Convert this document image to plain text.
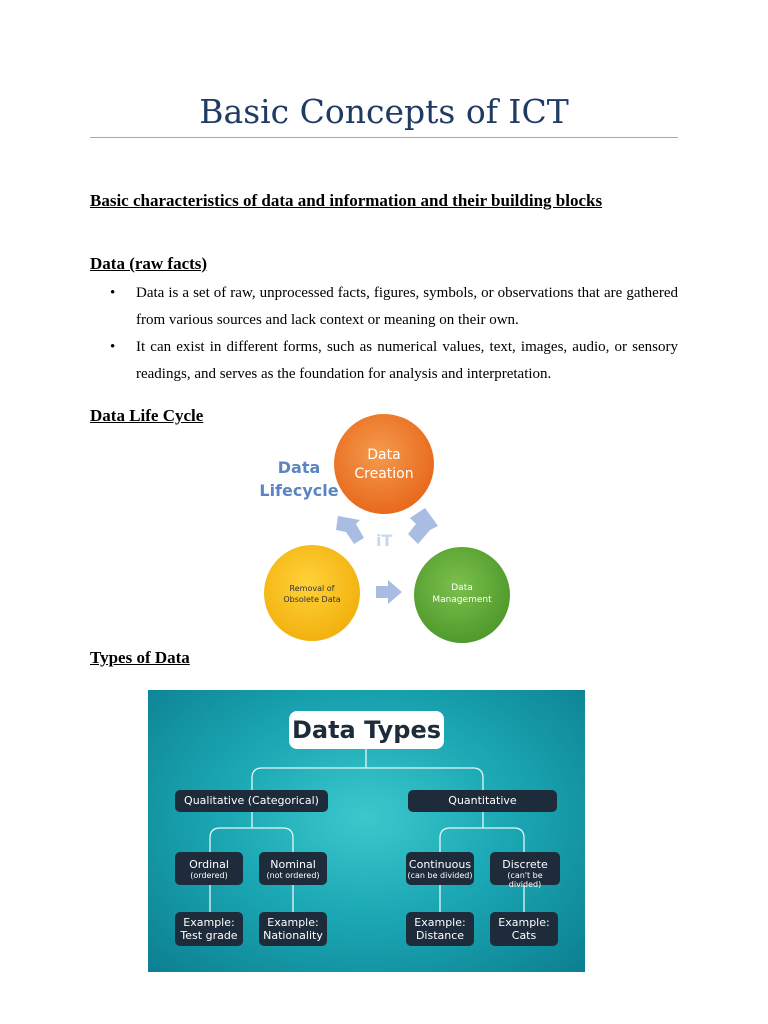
Basic Concepts of ICT
Basic characteristics of data and information and their building blocks
Data (raw facts)
• Data is a set of raw, unprocessed facts, figures, symbols, or observations that are gathered from various sources and lack context or meaning on their own.
• It can exist in different forms, such as numerical values, text, images, audio, or sensory readings, and serves as the foundation for analysis and interpretation.
Data Life Cycle
iT
Data
Lifecycle
Data
Creation
Data
Management
Removal of
Obsolete Data
Types of Data
Data Types
Qualitative (Categorical)	Quantitative
Ordinal
(ordered)
Nominal
(not ordered)
Continuous
(can be divided)
Discrete
(can't be divided)
Example:
Test grade
Example:
Nationality
Example:
Distance
Example:
Cats
